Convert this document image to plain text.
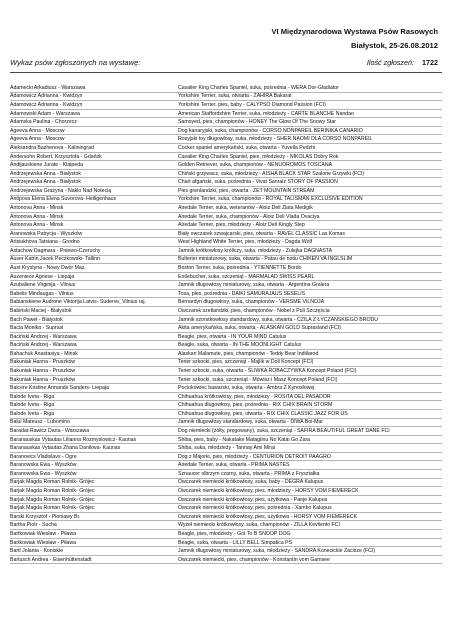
VI Międzynarodowa Wystawa Psów Rasowych
Białystok, 25-26.08.2012
Wykaz psów zgłoszonych na wystawę:	Ilość zgłoszeń: 1722
Adamecki Arkadiusz - Warszawa	Cavalier King Charles Spaniel, suka, pośrednia - WERA Dor-Gladiator
Adamowicz Adrianna - Kwidzyn	Yorkshire Terrier, suka, otwarta - ZAHIRA Bakarat
Adamowicz Adrianna - Kwidzyn	Yorkshire Terrier, pies, baby - CALYPSO Diamond Passion (FCI)
Adamowski Adam - Warszawa	American Staffordshire Terrier, suka, młodzieży - CARTE BLANCHE Nandao
Adamska Paulina - Chorzecz	Samoyed, pies, championów - HONEY The Glow Of The Snowy Star
Ageeva Anna - Moscow	Dog kanaryjski, suka, championów - CORSO NONPAREIL BERINIKA CANARIO
Ageeva Anna - Moscow	Rosyjski toy długowłosy, suka, młodzieży - SHER NAOMI DLA CORSO NONPAREIL
Aleksandra Bazhenova - Kaliningrad	Cocker spaniel amerykański, suka, otwarta - Yuvella Pedzhi
Andersohn Robert, Krzysztofa - Gdańsk	Cavalier King Charles Spaniel, pies, młodzieży - NIKOLAS Dobry Rok
Andijauskiene Jurate - Klaipeda	Golden Retriever, suka, championów - NENUOROMOS TOSCANA
Andrzejewska Anna - Białystok	Chiński grzywacz, suka, młodzieży - AISHA BLACK STAR Szalone Grzywki (FCI)
Andrzejewska Anna - Białystok	Chart afgański, suka, pośrednia - Vivat Sanraiz STORY OF PASSION
Andrzejewska Grażyna - Naklo Nad Notecią	Pies grenlandzki, pies, otwarta - ZET MOUNTAIN STREAM
Antipova Elena Elena Suvorova- Heiligenhaus	Yorkshire Terrier, suka, championów - ROYAL TALISMAN EXCLUSIVE EDITION
Antonova Anna - Minsk	Airedale Terrier, suka, weteranów - Aloiz Deli Zlata Medigik
Antonova Anna - Minsk	Airedale Terrier, suka, championów - Aloiz Deli Vlada Ovaciya
Antonova Anna - Minsk	Airedale Terrier, pies, młodzieży - Aloiz Deli Kingly Step
Aranowska Patrycja - Wyszków	Biały owczarek szwajcarski, pies, otwarta - RAVEL CLASSIC Las Komas
Artsiukhova Tatsiana - Grodno	West Highland White Terrier, pies, młodzieży - Dagda Wolf
Astachow Dagmara - Pniewo-Czeruchy	Jamnik krótkowłosy króliczy, suka, młodzieży - Zulejka DAGNASTA
Auser Katrin Jacek Peczkowski- Tallinn	Bulterier miniaturowy, suka, otwarta - Patau de notiu CHIKEN VA INGLSLIM
Aust Krystyna - Nowy Dwór Maz.	Boston Terrier, suka, pośrednia - YTIENNETTE Bordo
Auzeniece Agnese - Liepaja	Entlebucher, suka, szczeniąt - MARMALAD SWISS PEARL
Azubaliene Virginija - Vilnius	Jamnik długowłosy miniaturowy, suka, otwarta - Argentina Gralera
Babelis Mindaugas - Vilnius	Tosa, pies, pośrednia - DAIKI SAMURAJAUS SESELIS
Babianskiene Audrone Viktorija Latvis- Suderve, Vilnius raj.	Bernardyn długowłosy, suka, championów - VERSME VILNOJA
Babiński Maciej - Białystok	Owczarek szetlandzki, pies, championów - Nobel z Puli Szczęścia
Bach Paweł - Białystok	Jamnik szorstkowłosy standardowy, suka, otwarta - CZILA Z ŁYCZAŃSKIEGO BRODU
Bacia Monika - Suprasl	Akita amerykańska, suka, otwarta - ALASKAN GOLD Suprasland (FCI)
Baciński Andrzej - Warszawa	Beagle, pies, otwarta - IN YOUR MIND Catulus
Baciński Andrzej - Warszawa	Beagle, suka, otwarta - IN THE MOONLIGHT Catulus
Bahachuk Anastasiya - Minsk	Alaskan Malamute, pies, championów - Teddy Bear Indiilarod
Bakuniak Hanna - Pruszków	Terier szkocki, pies, szczeniąt - Majlik w Doli Koncept (FCI)
Bakuniak Hanna - Pruszków	Terier szkocki, suka, otwarta - ŚLIWKA ROBACZYWKA Koncept Poland (FCI)
Bakuniak Hanna - Pruszków	Terier szkocki, suka, szczeniąt - Mówisz i Masz Koncept Poland (FCI)
Balcere Kristine Armands Sanders- Liepaja	Pociokowiec bawarski, suka, otwarta - Ambra Z Kynosłowej
Balode Iveta - Riga	Chihuahua krótkowłosy, pies, młodzieży - ROSITA DEL PASADOR
Balode Iveta - Riga	Chihuahua długowłosy, pies, pośrednia - RIX CHIX BRAIN STORM
Balode Iveta - Riga	Chihuahua długowłosy, pies, otwarta - RIX CHIX CLASSIC JAZZ FOR US
Balul Mateusz - Lubomino	Jamnik długowłosy standardowy, suka, otwarta - DIWA Boi-Mar
Baradat-Rawicz Daria - Warszawa	Dog niemiecki (żółty, pręgowany), suka, szczeniąt - SAFIRA BEAUTIFUL GREAT DANE FCI
Baranauskas Vytautas Lilianna Rozmyslowicz- Kaunas	Shiba, pies, baby - Nakatake Matagiinu No Katai Go Zara
Baranauskas Vytautas Zhana Danilova- Kaunas	Shiba, suka, młodzieży - Tannay Ami Mirai
Baranovics Vladislavs - Ogre	Dog z Majorki, pies, młodzieży - CENTURION DETROIT PAAGRO
Baranowska Ewa - Wyszków	Airedale Terrier, suka, otwarta - PRIMA NASTES
Baranowska Ewa - Wyszków	Sznaucer olbrzym czarny, suka, otwarta - PRIMA z Fryształka
Barjak Magda Roman Rolnik- Grójec	Owczarek niemiecki krótkowłosy, suka, baby - DEGRA Kalupus
Barjak Magda Roman Rolnik- Grójec	Owczarek niemiecki krótkowłosy, pies, młodzieży - HORSY VOM FIEMERECK
Barjak Magda Roman Rolnik- Grójec	Owczarek niemiecki krótkowłosy, pies, użytkowa - Paeje Kalupus
Barjak Magda Roman Rolnik- Grójec	Owczarek niemiecki krótkowłosy, pies, pośrednia - Xambo Kalupus
Barski Krzysztof - Płoniawy Br.	Owczarek niemiecki krótkowłosy, pies, użytkowa - HORSY VOM FIEMERECK
Bartha Piotr - Sucha	Wyżeł niemiecki krótkowłosy, suka, championów - ZILLA Kevilento FCI
Bartkowiak Wiesław - Piława	Beagle, pies, młodzieży - Got To B SNOOP DOG
Bartkowiak Wiesław - Piława	Beagle, suka, otwarta - LILLY BELL Simpatica PS
Bartl Jolanta - Koniskie	Jamnik długowłosy miniaturowy, suka, młodzieży - SANDRA Konecickie Zacisze (FCI)
Bartusch Andrea - Eisenhüttenstadt	Owczarek niemiecki, pies, championów - Konstantin vom Gamsee
